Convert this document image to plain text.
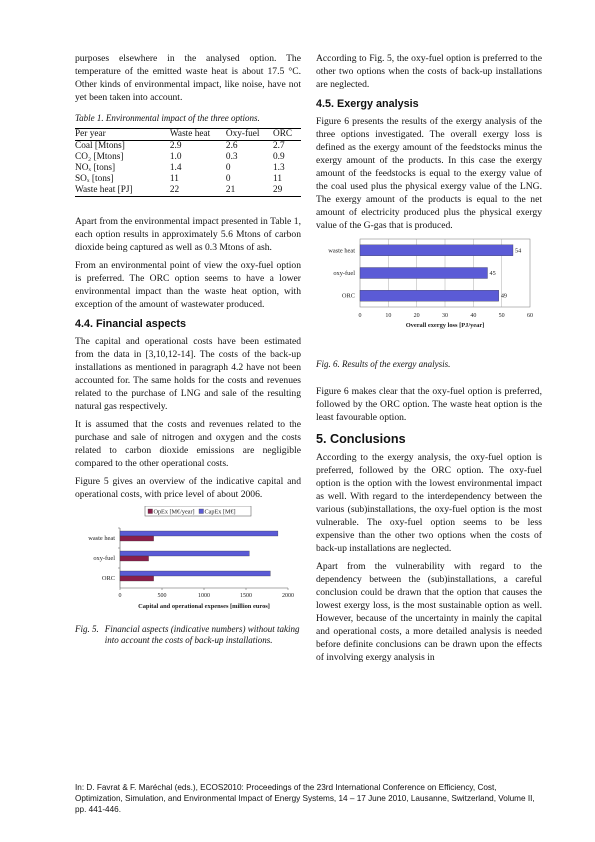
purposes elsewhere in the analysed option. The temperature of the emitted waste heat is about 17.5 °C. Other kinds of environmental impact, like noise, have not yet been taken into account.

Table 1. Environmental impact of the three options.
Per year	Waste heat	Oxy-fuel	ORC
Coal [Mtons]	2.9	2.6	2.7
CO₂ [Mtons]	1.0	0.3	0.9
NOₓ [tons]	1.4	0	1.3
SOₓ [tons]	11	0	11
Waste heat [PJ]	22	21	29

Apart from the environmental impact presented in Table 1, each option results in approximately 5.6 Mtons of carbon dioxide being captured as well as 0.3 Mtons of ash.

From an environmental point of view the oxy-fuel option is preferred. The ORC option seems to have a lower environmental impact than the waste heat option, with exception of the amount of wastewater produced.

4.4. Financial aspects

The capital and operational costs have been estimated from the data in [3,10,12-14]. The costs of the back-up installations as mentioned in paragraph 4.2 have not been accounted for. The same holds for the costs and revenues related to the purchase of LNG and sale of the resulting natural gas respectively.

It is assumed that the costs and revenues related to the purchase and sale of nitrogen and oxygen and the costs related to carbon dioxide emissions are negligible compared to the other operational costs.

Figure 5 gives an overview of the indicative capital and operational costs, with price level of about 2006.

OpEx [M€/year] CapEx [M€]
0	500	1000	1500	2000
Capital and operational expenses [million euros]
waste heat
oxy-fuel
ORC
Fig. 5. Financial aspects (indicative numbers) without taking into account the costs of back-up installations.

According to Fig. 5, the oxy-fuel option is preferred to the other two options when the costs of back-up installations are neglected.

4.5. Exergy analysis

Figure 6 presents the results of the exergy analysis of the three options investigated. The overall exergy loss is defined as the exergy amount of the feedstocks minus the exergy amount of the products. In this case the exergy amount of the feedstocks is equal to the exergy value of the coal used plus the physical exergy value of the LNG. The exergy amount of the products is equal to the net amount of electricity produced plus the physical exergy value of the G-gas that is produced.

0	10	20	30	40	50	60
Overall exergy loss [PJ/year]
waste heat	54
oxy-fuel	45
ORC	49
Fig. 6. Results of the exergy analysis.

Figure 6 makes clear that the oxy-fuel option is preferred, followed by the ORC option. The waste heat option is the least favourable option.

5. Conclusions

According to the exergy analysis, the oxy-fuel option is preferred, followed by the ORC option. The oxy-fuel option is the option with the lowest environmental impact as well. With regard to the interdependency between the various (sub)installations, the oxy-fuel option is the most vulnerable. The oxy-fuel option seems to be less expensive than the other two options when the costs of back-up installations are neglected.

Apart from the vulnerability with regard to the dependency between the (sub)installations, a careful conclusion could be drawn that the option that causes the lowest exergy loss, is the most sustainable option as well. However, because of the uncertainty in mainly the capital and operational costs, a more detailed analysis is needed before definite conclusions can be drawn upon the effects of involving exergy analysis in

In: D. Favrat & F. Maréchal (eds.), ECOS2010: Proceedings of the 23rd International Conference on Efficiency, Cost, Optimization, Simulation, and Environmental Impact of Energy Systems, 14 – 17 June 2010, Lausanne, Switzerland, Volume II, pp. 441-446.
